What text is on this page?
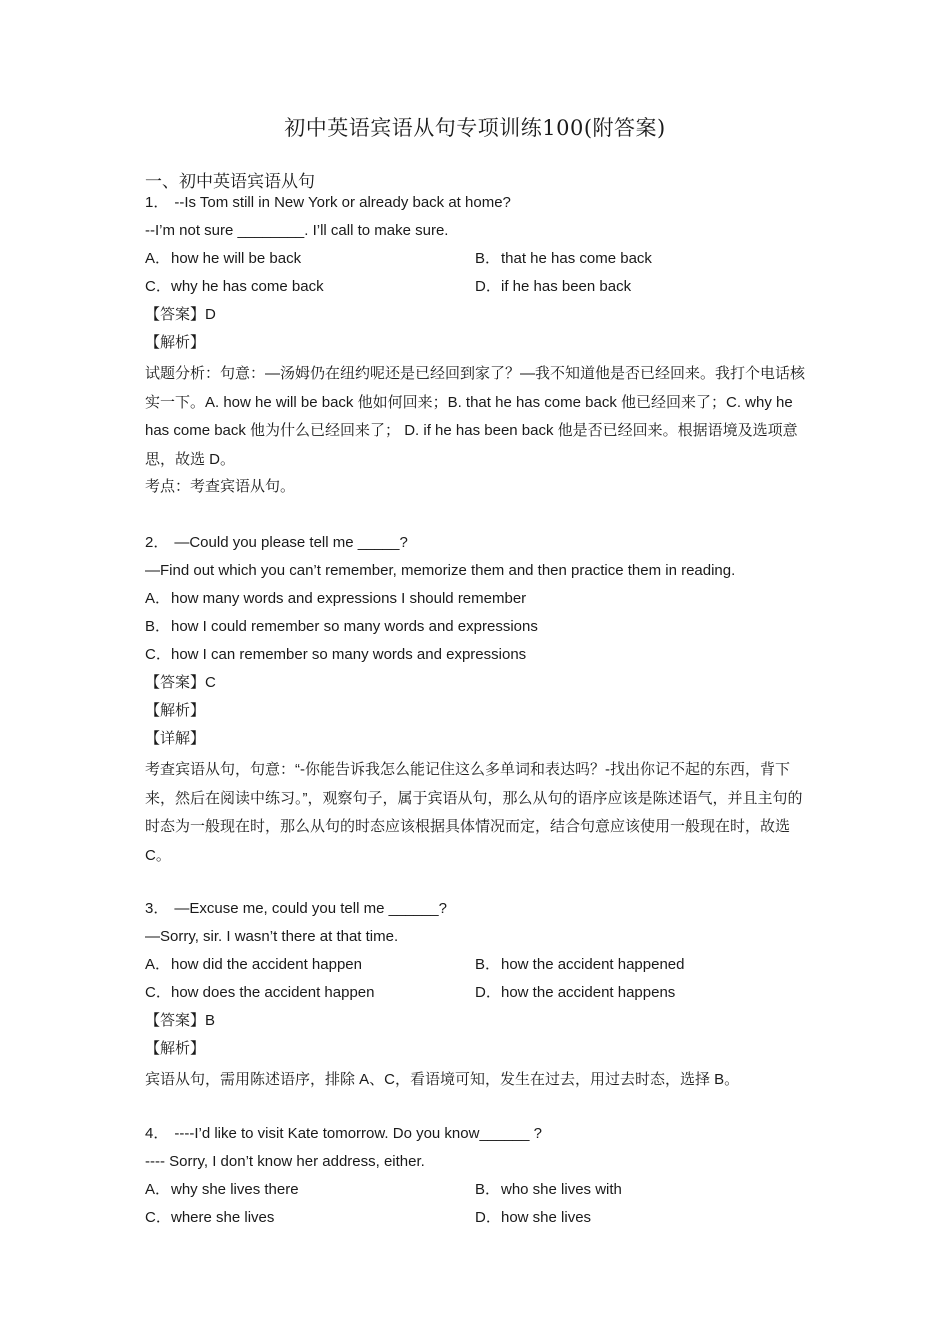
初中英语宾语从句专项训练100(附答案)
一、初中英语宾语从句
1． --Is Tom still in New York or already back at home?
--I’m not sure ________. I’ll call to make sure.
A．how he will be back	B．that he has come back
C．why he has come back	D．if he has been back
【答案】D
【解析】
试题分析：句意：—汤姆仍在纽约呢还是已经回到家了？—我不知道他是否已经回来。我打个电话核实一下。A. how he will be back 他如何回来；B. that he has come back 他已经回来了；C. why he has come back 他为什么已经回来了； D. if he has been back 他是否已经回来。根据语境及选项意思，故选 D。
考点：考查宾语从句。
2． —Could you please tell me _____?
—Find out which you can’t remember, memorize them and then practice them in reading.
A．how many words and expressions I should remember
B．how I could remember so many words and expressions
C．how I can remember so many words and expressions
【答案】C
【解析】
【详解】
考查宾语从句，句意：“-你能告诉我怎么能记住这么多单词和表达吗？-找出你记不起的东西，背下来，然后在阅读中练习。”，观察句子，属于宾语从句，那么从句的语序应该是陈述语气，并且主句的时态为一般现在时，那么从句的时态应该根据具体情况而定，结合句意应该使用一般现在时，故选 C。
3． —Excuse me, could you tell me ______?
—Sorry, sir. I wasn’t there at that time.
A．how did the accident happen	B．how the accident happened
C．how does the accident happen	D．how the accident happens
【答案】B
【解析】
宾语从句，需用陈述语序，排除 A、C，看语境可知，发生在过去，用过去时态，选择 B。
4． ----I’d like to visit Kate tomorrow. Do you know______ ?
---- Sorry, I don’t know her address, either.
A．why she lives there	B．who she lives with
C．where she lives	D．how she lives
